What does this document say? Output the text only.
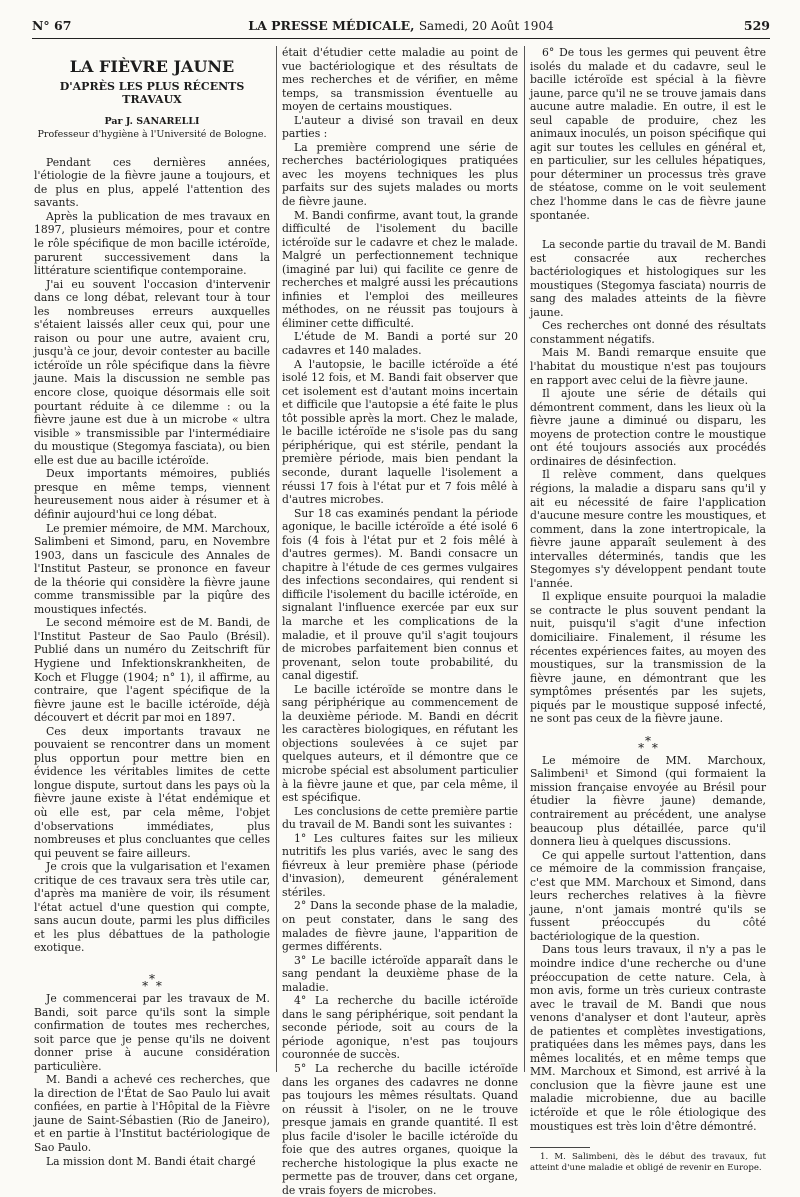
N° 67	LA PRESSE MÉDICALE, Samedi, 20 Août 1904	529
LA FIÈVRE JAUNE
D'APRÈS LES PLUS RÉCENTS TRAVAUX
Par J. SANARELLI
Professeur d'hygiène à l'Université de Bologne.

Pendant ces dernières années, l'étiologie de la fièvre jaune a toujours, et de plus en plus, appelé l'attention des savants.

Après la publication de mes travaux en 1897, plusieurs mémoires, pour et contre le rôle spécifique de mon bacille ictéroïde, parurent successivement dans la littérature scientifique contemporaine.

J'ai eu souvent l'occasion d'intervenir dans ce long débat, relevant tour à tour les nombreuses erreurs auxquelles s'étaient laissés aller ceux qui, pour une raison ou pour une autre, avaient cru, jusqu'à ce jour, devoir contester au bacille ictéroïde un rôle spécifique dans la fièvre jaune. Mais la discussion ne semble pas encore close, quoique désormais elle soit pourtant réduite à ce dilemme : ou la fièvre jaune est due à un microbe « ultra visible » transmissible par l'intermédiaire du moustique (Stegomya fasciata), ou bien elle est due au bacille ictéroïde.

Deux importants mémoires, publiés presque en même temps, viennent heureusement nous aider à résumer et à définir aujourd'hui ce long débat.

Le premier mémoire, de MM. Marchoux, Salimbeni et Simond, paru, en Novembre 1903, dans un fascicule des Annales de l'Institut Pasteur, se prononce en faveur de la théorie qui considère la fièvre jaune comme transmissible par la piqûre des moustiques infectés.

Le second mémoire est de M. Bandi, de l'Institut Pasteur de Sao Paulo (Brésil). Publié dans un numéro du Zeitschrift für Hygiene und Infektionskrankheiten, de Koch et Flugge (1904; n° 1), il affirme, au contraire, que l'agent spécifique de la fièvre jaune est le bacille ictéroïde, déjà découvert et décrit par moi en 1897.

Ces deux importants travaux ne pouvaient se rencontrer dans un moment plus opportun pour mettre bien en évidence les véritables limites de cette longue dispute, surtout dans les pays où la fièvre jaune existe à l'état endémique et où elle est, par cela même, l'objet d'observations immédiates, plus nombreuses et plus concluantes que celles qui peuvent se faire ailleurs.

Je crois que la vulgarisation et l'examen critique de ces travaux sera très utile car, d'après ma manière de voir, ils résument l'état actuel d'une question qui compte, sans aucun doute, parmi les plus difficiles et les plus débattues de la pathologie exotique.

⁎
⁎ ⁎

Je commencerai par les travaux de M. Bandi, soit parce qu'ils sont la simple confirmation de toutes mes recherches, soit parce que je pense qu'ils ne doivent donner prise à aucune considération particulière.

M. Bandi a achevé ces recherches, que la direction de l'État de Sao Paulo lui avait confiées, en partie à l'Hôpital de la Fièvre jaune de Saint-Sébastien (Rio de Janeiro), et en partie à l'Institut bactériologique de Sao Paulo.

La mission dont M. Bandi était chargé

était d'étudier cette maladie au point de vue bactériologique et des résultats de mes recherches et de vérifier, en même temps, sa transmission éventuelle au moyen de certains moustiques.

L'auteur a divisé son travail en deux parties :

La première comprend une série de recherches bactériologiques pratiquées avec les moyens techniques les plus parfaits sur des sujets malades ou morts de fièvre jaune.

M. Bandi confirme, avant tout, la grande difficulté de l'isolement du bacille ictéroïde sur le cadavre et chez le malade. Malgré un perfectionnement technique (imaginé par lui) qui facilite ce genre de recherches et malgré aussi les précautions infinies et l'emploi des meilleures méthodes, on ne réussit pas toujours à éliminer cette difficulté.

L'étude de M. Bandi a porté sur 20 cadavres et 140 malades.

A l'autopsie, le bacille ictéroïde a été isolé 12 fois, et M. Bandi fait observer que cet isolement est d'autant moins incertain et difficile que l'autopsie a été faite le plus tôt possible après la mort. Chez le malade, le bacille ictéroïde ne s'isole pas du sang périphérique, qui est stérile, pendant la première période, mais bien pendant la seconde, durant laquelle l'isolement a réussi 17 fois à l'état pur et 7 fois mêlé à d'autres microbes.

Sur 18 cas examinés pendant la période agonique, le bacille ictéroïde a été isolé 6 fois (4 fois à l'état pur et 2 fois mêlé à d'autres germes). M. Bandi consacre un chapitre à l'étude de ces germes vulgaires des infections secondaires, qui rendent si difficile l'isolement du bacille ictéroïde, en signalant l'influence exercée par eux sur la marche et les complications de la maladie, et il prouve qu'il s'agit toujours de microbes parfaitement bien connus et provenant, selon toute probabilité, du canal digestif.

Le bacille ictéroïde se montre dans le sang périphérique au commencement de la deuxième période. M. Bandi en décrit les caractères biologiques, en réfutant les objections soulevées à ce sujet par quelques auteurs, et il démontre que ce microbe spécial est absolument particulier à la fièvre jaune et que, par cela même, il est spécifique.

Les conclusions de cette première partie du travail de M. Bandi sont les suivantes :

1° Les cultures faites sur les milieux nutritifs les plus variés, avec le sang des fiévreux à leur première phase (période d'invasion), demeurent généralement stériles.

2° Dans la seconde phase de la maladie, on peut constater, dans le sang des malades de fièvre jaune, l'apparition de germes différents.

3° Le bacille ictéroïde apparaît dans le sang pendant la deuxième phase de la maladie.

4° La recherche du bacille ictéroïde dans le sang périphérique, soit pendant la seconde période, soit au cours de la période agonique, n'est pas toujours couronnée de succès.

5° La recherche du bacille ictéroïde dans les organes des cadavres ne donne pas toujours les mêmes résultats. Quand on réussit à l'isoler, on ne le trouve presque jamais en grande quantité. Il est plus facile d'isoler le bacille ictéroïde du foie que des autres organes, quoique la recherche histologique la plus exacte ne permette pas de trouver, dans cet organe, de vrais foyers de microbes.

6° De tous les germes qui peuvent être isolés du malade et du cadavre, seul le bacille ictéroïde est spécial à la fièvre jaune, parce qu'il ne se trouve jamais dans aucune autre maladie. En outre, il est le seul capable de produire, chez les animaux inoculés, un poison spécifique qui agit sur toutes les cellules en général et, en particulier, sur les cellules hépatiques, pour déterminer un processus très grave de stéatose, comme on le voit seulement chez l'homme dans le cas de fièvre jaune spontanée.

La seconde partie du travail de M. Bandi est consacrée aux recherches bactériologiques et histologiques sur les moustiques (Stegomya fasciata) nourris de sang des malades atteints de la fièvre jaune.

Ces recherches ont donné des résultats constamment négatifs.

Mais M. Bandi remarque ensuite que l'habitat du moustique n'est pas toujours en rapport avec celui de la fièvre jaune.

Il ajoute une série de détails qui démontrent comment, dans les lieux où la fièvre jaune a diminué ou disparu, les moyens de protection contre le moustique ont été toujours associés aux procédés ordinaires de désinfection.

Il relève comment, dans quelques régions, la maladie a disparu sans qu'il y ait eu nécessité de faire l'application d'aucune mesure contre les moustiques, et comment, dans la zone intertropicale, la fièvre jaune apparaît seulement à des intervalles déterminés, tandis que les Stegomyes s'y développent pendant toute l'année.

Il explique ensuite pourquoi la maladie se contracte le plus souvent pendant la nuit, puisqu'il s'agit d'une infection domiciliaire. Finalement, il résume les récentes expériences faites, au moyen des moustiques, sur la transmission de la fièvre jaune, en démontrant que les symptômes présentés par les sujets, piqués par le moustique supposé infecté, ne sont pas ceux de la fièvre jaune.

⁎
⁎ ⁎

Le mémoire de MM. Marchoux, Salimbeni¹ et Simond (qui formaient la mission française envoyée au Brésil pour étudier la fièvre jaune) demande, contrairement au précédent, une analyse beaucoup plus détaillée, parce qu'il donnera lieu à quelques discussions.

Ce qui appelle surtout l'attention, dans ce mémoire de la commission française, c'est que MM. Marchoux et Simond, dans leurs recherches relatives à la fièvre jaune, n'ont jamais montré qu'ils se fussent préoccupés du côté bactériologique de la question.

Dans tous leurs travaux, il n'y a pas le moindre indice d'une recherche ou d'une préoccupation de cette nature. Cela, à mon avis, forme un très curieux contraste avec le travail de M. Bandi que nous venons d'analyser et dont l'auteur, après de patientes et complètes investigations, pratiquées dans les mêmes pays, dans les mêmes localités, et en même temps que MM. Marchoux et Simond, est arrivé à la conclusion que la fièvre jaune est une maladie microbienne, due au bacille ictéroïde et que le rôle étiologique des moustiques est très loin d'être démontré.

1. M. Salimbeni, dès le début des travaux, fut atteint d'une maladie et obligé de revenir en Europe.
